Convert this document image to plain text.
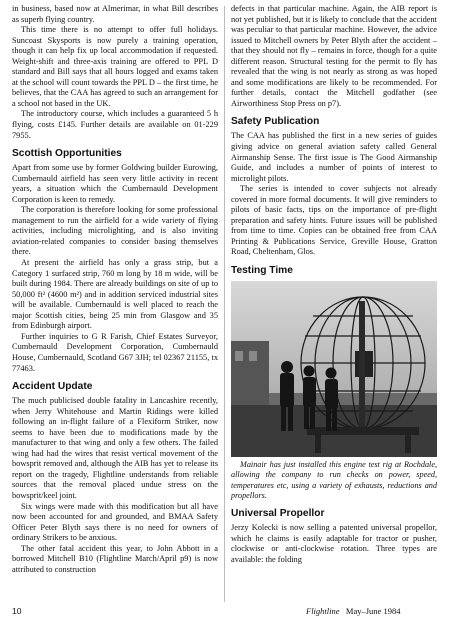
in business, based now at Almerimar, in what Bill describes as superb flying country.

This time there is no attempt to offer full holidays. Suncoast Skysports is now purely a training operation, though it can help fix up local accommodation if requested. Weight-shift and three-axis training are offered to PPL D standard and Bill says that all hours logged and exams taken at the school will count towards the PPL D – the first time, he believes, that the CAA has agreed to such an arrangement for a school not based in the UK.

The introductory course, which includes a guaranteed 5 h flying, costs £145. Further details are available on 01-229 7955.

Scottish Opportunities

Apart from some use by former Goldwing builder Eurowing, Cumbernauld airfield has seen very little activity in recent years, a situation which the Cumbernauld Development Corporation is keen to remedy.

The corporation is therefore looking for some professional management to run the airfield for a wide variety of flying activities, including microlighting, and is also inviting aviation-related companies to consider basing themselves there.

At present the airfield has only a grass strip, but a Category 1 surfaced strip, 760 m long by 18 m wide, will be built during 1984. There are already buildings on site of up to 50,000 ft² (4600 m²) and in addition serviced industrial sites will be available. Cumbernauld is well placed to reach the major Scottish cities, being 25 min from Glasgow and 35 from Edinburgh airport.

Further inquiries to G R Farish, Chief Estates Surveyor, Cumbernauld Development Corporation, Cumbernauld House, Cumbernauld, Scotland G67 3JH; tel 02367 21155, tx 77463.

Accident Update

The much publicised double fatality in Lancashire recently, when Jerry Whitehouse and Martin Ridings were killed following an in-flight failure of a Flexiform Striker, now seems to have been due to modifications made by the manufacturer to that wing and only a few others. The failed wing had had the wires that resist vertical movement of the bowsprit removed and, although the AIB has yet to release its report on the tragedy, Flightline understands from reliable sources that the removal placed undue stress on the bowsprit/keel joint.

Six wings were made with this modification but all have now been accounted for and grounded, and BMAA Safety Officer Peter Blyth says there is no need for owners of ordinary Strikers to be anxious.

The other fatal accident this year, to John Abbott in a borrowed Mitchell B10 (Flightline March/April p9) is now attributed to construction

defects in that particular machine. Again, the AIB report is not yet published, but it is likely to conclude that the accident was peculiar to that particular machine. However, the advice issued to Mitchell owners by Peter Blyth after the accident – that they should not fly – remains in force, though for a quite different reason. Structural testing for the permit to fly has revealed that the wing is not nearly as strong as was hoped and some modifications are likely to be recommended. For further details, contact the Mitchell godfather (see Airworthiness Stop Press on p7).

Safety Publication

The CAA has published the first in a new series of guides giving advice on general aviation safety called General Airmanship Sense. The first issue is The Good Airmanship Guide, and includes a number of points of interest to microlight pilots.

The series is intended to cover subjects not already covered in more formal documents. It will give reminders to pilots of basic facts, tips on the importance of pre-flight preparation and safety hints. Future issues will be published from time to time. Copies can be obtained free from CAA Printing & Publications Service, Greville House, Gratton Road, Cheltenham, Glos.

Testing Time

Mainair has just installed this engine test rig at Rochdale, allowing the company to run checks on power, speed, temperatures etc, using a variety of exhausts, reductions and propellors.

Universal Propellor

Jerzy Kolecki is now selling a patented universal propellor, which he claims is easily adaptable for tractor or pusher, clockwise or anti-clockwise rotation. Three types are available: the folding

10	Flightline May–June 1984
